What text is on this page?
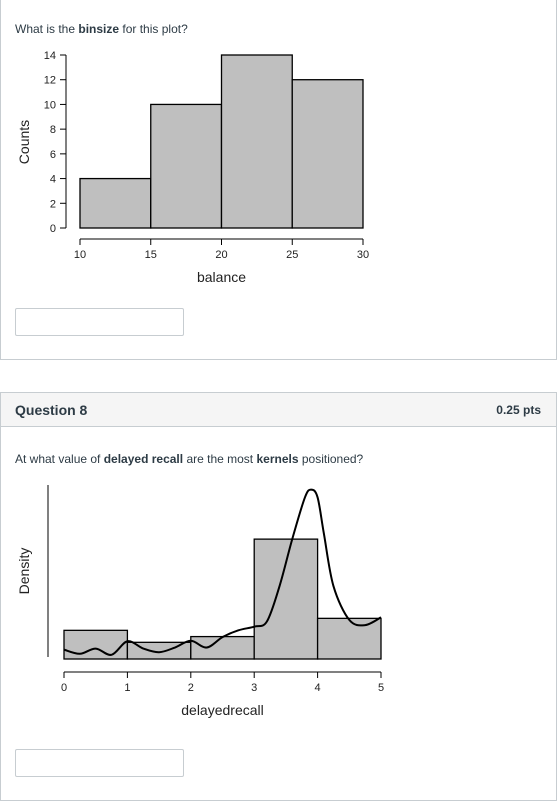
What is the binsize for this plot?
0
2
4
6
8
10
12
14
10	15	20	25	30
balance
Counts
Question 8	0.25 pts
At what value of delayed recall are the most kernels positioned?
0	1	2	3	4	5
delayedrecall
Density
